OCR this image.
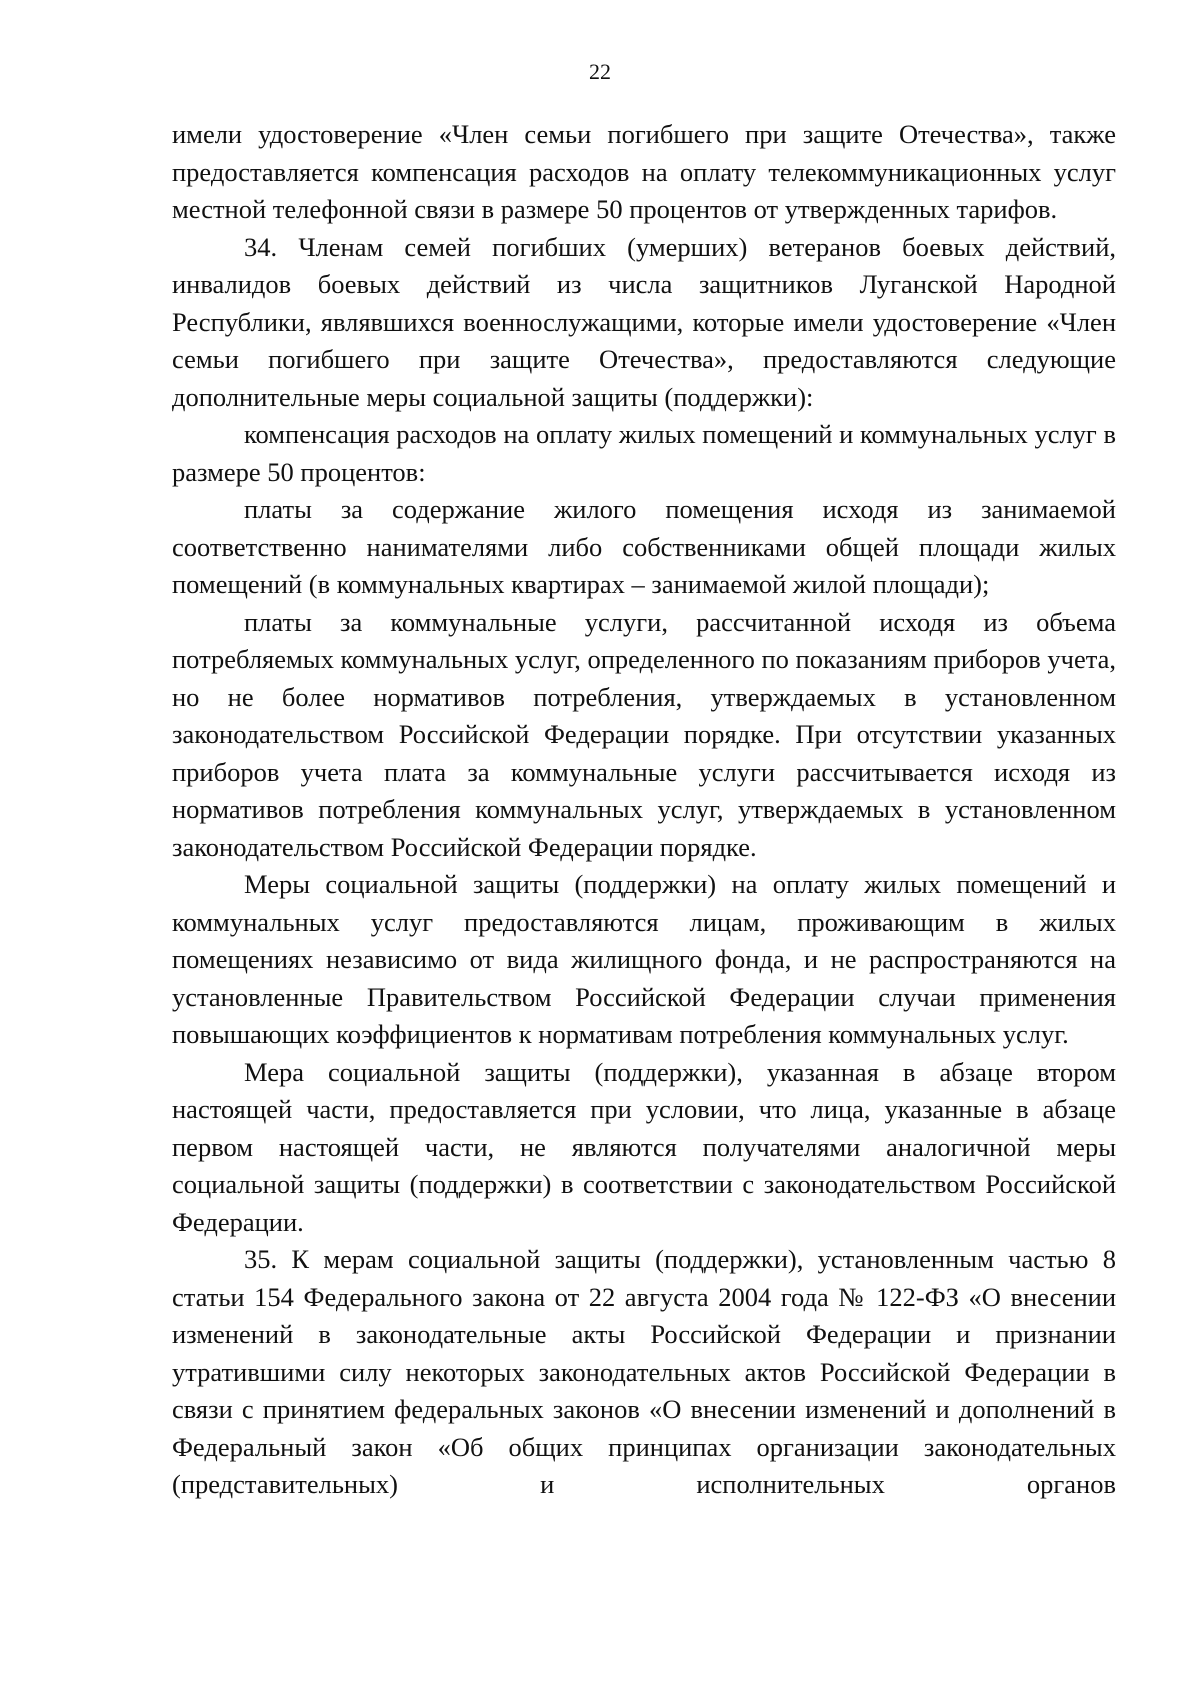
22

имели удостоверение «Член семьи погибшего при защите Отечества», также предоставляется компенсация расходов на оплату телекоммуникационных услуг местной телефонной связи в размере 50 процентов от утвержденных тарифов.

34. Членам семей погибших (умерших) ветеранов боевых действий, инвалидов боевых действий из числа защитников Луганской Народной Республики, являвшихся военнослужащими, которые имели удостоверение «Член семьи погибшего при защите Отечества», предоставляются следующие дополнительные меры социальной защиты (поддержки):

компенсация расходов на оплату жилых помещений и коммунальных услуг в размере 50 процентов:

платы за содержание жилого помещения исходя из занимаемой соответственно нанимателями либо собственниками общей площади жилых помещений (в коммунальных квартирах – занимаемой жилой площади);

платы за коммунальные услуги, рассчитанной исходя из объема потребляемых коммунальных услуг, определенного по показаниям приборов учета, но не более нормативов потребления, утверждаемых в установленном законодательством Российской Федерации порядке. При отсутствии указанных приборов учета плата за коммунальные услуги рассчитывается исходя из нормативов потребления коммунальных услуг, утверждаемых в установленном законодательством Российской Федерации порядке.

Меры социальной защиты (поддержки) на оплату жилых помещений и коммунальных услуг предоставляются лицам, проживающим в жилых помещениях независимо от вида жилищного фонда, и не распространяются на установленные Правительством Российской Федерации случаи применения повышающих коэффициентов к нормативам потребления коммунальных услуг.

Мера социальной защиты (поддержки), указанная в абзаце втором настоящей части, предоставляется при условии, что лица, указанные в абзаце первом настоящей части, не являются получателями аналогичной меры социальной защиты (поддержки) в соответствии с законодательством Российской Федерации.

35. К мерам социальной защиты (поддержки), установленным частью 8 статьи 154 Федерального закона от 22 августа 2004 года № 122-ФЗ «О внесении изменений в законодательные акты Российской Федерации и признании утратившими силу некоторых законодательных актов Российской Федерации в связи с принятием федеральных законов «О внесении изменений и дополнений в Федеральный закон «Об общих принципах организации законодательных (представительных) и исполнительных органов
